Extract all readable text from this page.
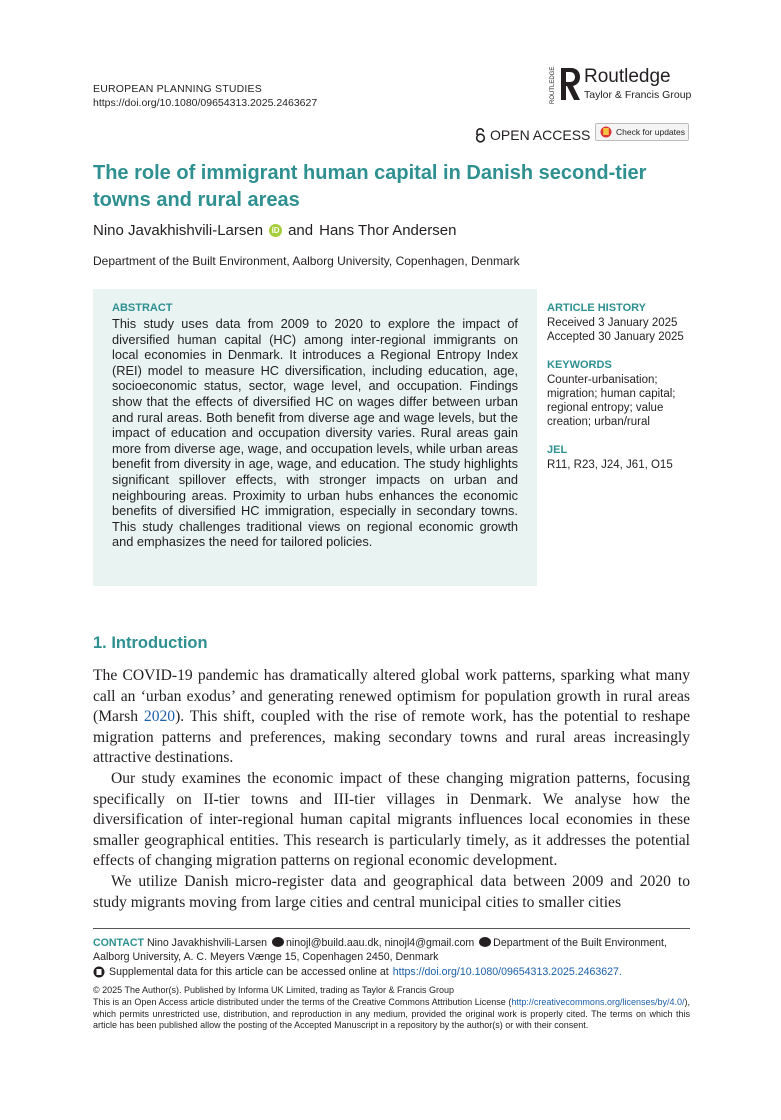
EUROPEAN PLANNING STUDIES
https://doi.org/10.1080/09654313.2025.2463627	ROUTLEDGE Routledge
Taylor & Francis Group
OPEN ACCESS	Check for updates
The role of immigrant human capital in Danish second-tier towns and rural areas
Nino Javakhishvili-Larsen	iD and Hans Thor Andersen
Department of the Built Environment, Aalborg University, Copenhagen, Denmark
ABSTRACT
This study uses data from 2009 to 2020 to explore the impact of diversified human capital (HC) among inter-regional immigrants on local economies in Denmark. It introduces a Regional Entropy Index (REI) model to measure HC diversification, including education, age, socioeconomic status, sector, wage level, and occupation. Findings show that the effects of diversified HC on wages differ between urban and rural areas. Both benefit from diverse age and wage levels, but the impact of education and occupation diversity varies. Rural areas gain more from diverse age, wage, and occupation levels, while urban areas benefit from diversity in age, wage, and education. The study highlights significant spillover effects, with stronger impacts on urban and neighbouring areas. Proximity to urban hubs enhances the economic benefits of diversified HC immigration, especially in secondary towns. This study challenges traditional views on regional economic growth and emphasizes the need for tailored policies.
ARTICLE HISTORY
Received 3 January 2025
Accepted 30 January 2025
KEYWORDS
Counter-urbanisation; migration; human capital; regional entropy; value creation; urban/rural
JEL
R11, R23, J24, J61, O15
1. Introduction

The COVID-19 pandemic has dramatically altered global work patterns, sparking what many call an ‘urban exodus’ and generating renewed optimism for population growth in rural areas (Marsh 2020). This shift, coupled with the rise of remote work, has the potential to reshape migration patterns and preferences, making secondary towns and rural areas increasingly attractive destinations.

Our study examines the economic impact of these changing migration patterns, focusing specifically on II-tier towns and III-tier villages in Denmark. We analyse how the diversification of inter-regional human capital migrants influences local economies in these smaller geographical entities. This research is particularly timely, as it addresses the potential effects of changing migration patterns on regional economic development.

We utilize Danish micro-register data and geographical data between 2009 and 2020 to study migrants moving from large cities and central municipal cities to smaller cities

CONTACT Nino Javakhishvili-Larsen ninojl@build.aau.dk, ninojl4@gmail.com Department of the Built Environment, Aalborg University, A. C. Meyers Vænge 15, Copenhagen 2450, Denmark
Supplemental data for this article can be accessed online at https://doi.org/10.1080/09654313.2025.2463627.
© 2025 The Author(s). Published by Informa UK Limited, trading as Taylor & Francis Group
This is an Open Access article distributed under the terms of the Creative Commons Attribution License (http://creativecommons.org/licenses/by/4.0/), which permits unrestricted use, distribution, and reproduction in any medium, provided the original work is properly cited. The terms on which this article has been published allow the posting of the Accepted Manuscript in a repository by the author(s) or with their consent.
